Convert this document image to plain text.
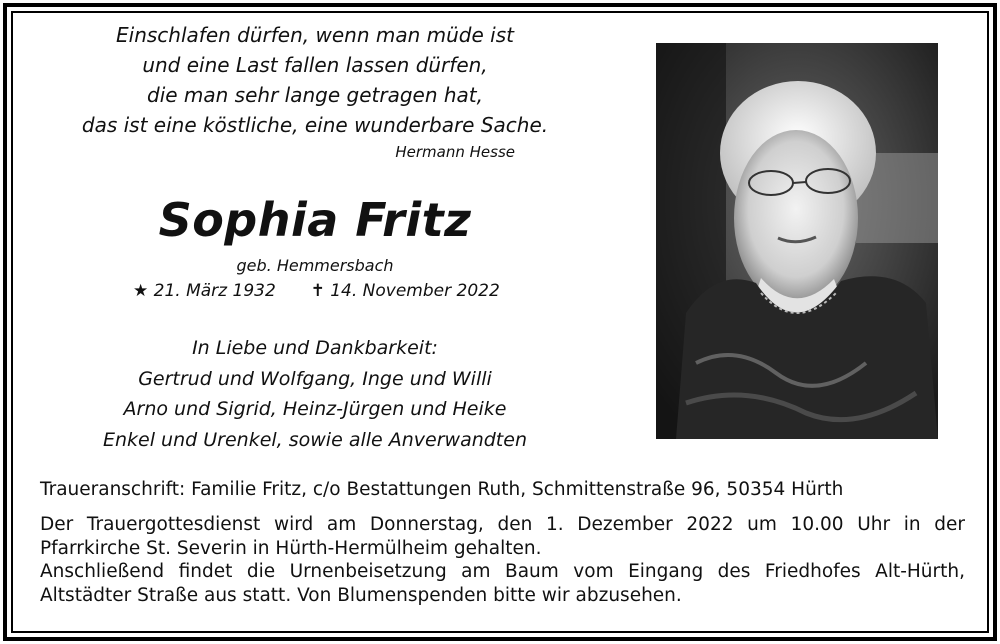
Einschlafen dürfen, wenn man müde ist
und eine Last fallen lassen dürfen,
die man sehr lange getragen hat,
das ist eine köstliche, eine wunderbare Sache.
Hermann Hesse
Sophia Fritz
geb. Hemmersbach
★ 21. März 1932 ✝ 14. November 2022
In Liebe und Dankbarkeit:
Gertrud und Wolfgang, Inge und Willi
Arno und Sigrid, Heinz-Jürgen und Heike
Enkel und Urenkel, sowie alle Anverwandten
Traueranschrift: Familie Fritz, c/o Bestattungen Ruth, Schmittenstraße 96, 50354 Hürth
Der Trauergottesdienst wird am Donnerstag, den 1. Dezember 2022 um 10.00 Uhr in der
Pfarrkirche St. Severin in Hürth-Hermülheim gehalten.
Anschließend findet die Urnenbeisetzung am Baum vom Eingang des Friedhofes Alt-Hürth,
Altstädter Straße aus statt. Von Blumenspenden bitte wir abzusehen.
